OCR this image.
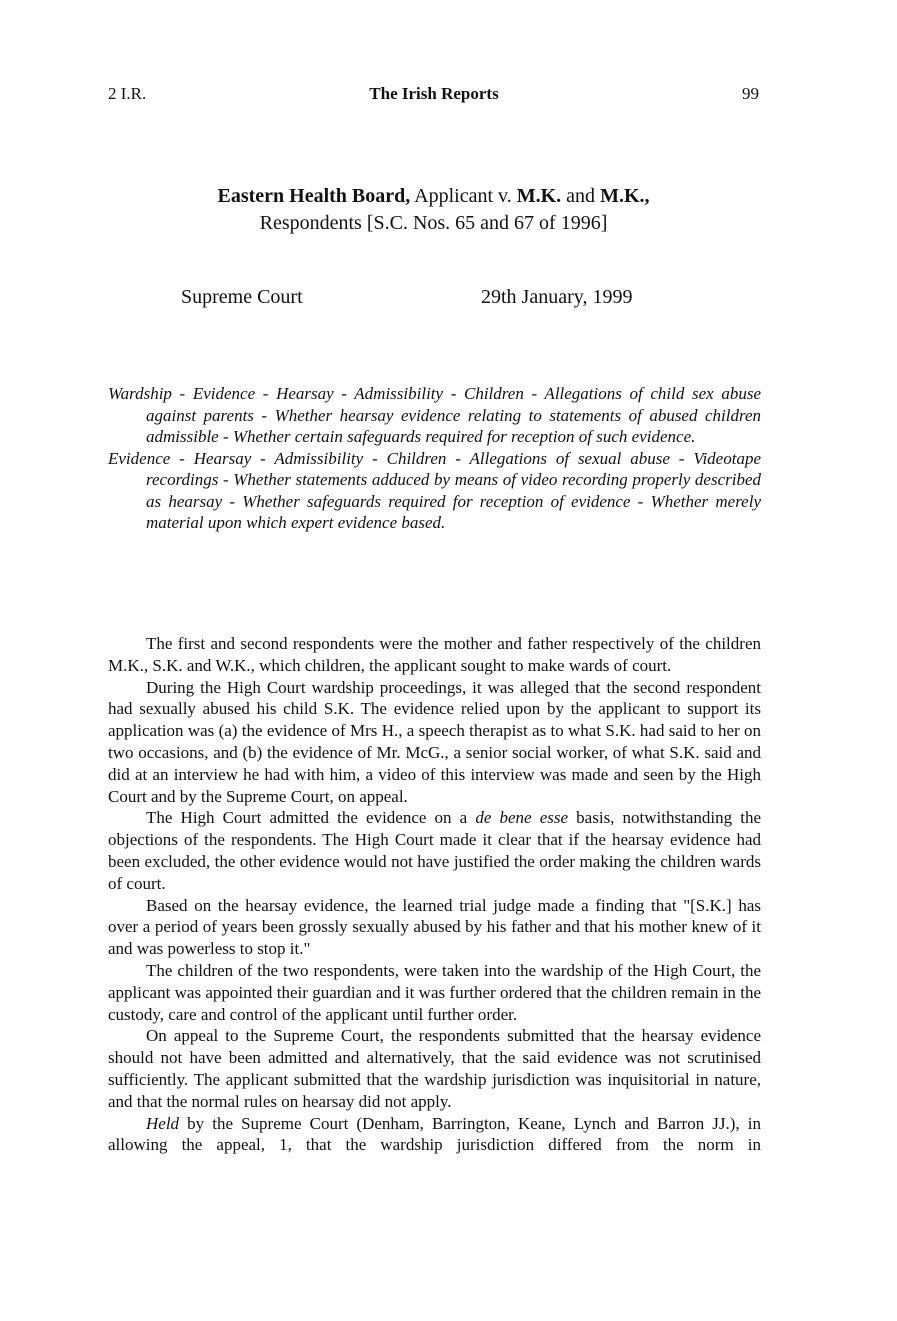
2 I.R.	The Irish Reports	99
Eastern Health Board, Applicant v. M.K. and M.K.,
Respondents [S.C. Nos. 65 and 67 of 1996]
Supreme Court	29th January, 1999

Wardship - Evidence - Hearsay - Admissibility - Children - Allegations of child sex abuse against parents - Whether hearsay evidence relating to statements of abused children admissible - Whether certain safeguards required for reception of such evidence.

Evidence - Hearsay - Admissibility - Children - Allegations of sexual abuse - Videotape recordings - Whether statements adduced by means of video recording properly described as hearsay - Whether safeguards required for reception of evidence - Whether merely material upon which expert evidence based.

The first and second respondents were the mother and father respectively of the children M.K., S.K. and W.K., which children, the applicant sought to make wards of court.

During the High Court wardship proceedings, it was alleged that the second respondent had sexually abused his child S.K. The evidence relied upon by the applicant to support its application was (a) the evidence of Mrs H., a speech therapist as to what S.K. had said to her on two occasions, and (b) the evidence of Mr. McG., a senior social worker, of what S.K. said and did at an interview he had with him, a video of this interview was made and seen by the High Court and by the Supreme Court, on appeal.

The High Court admitted the evidence on a de bene esse basis, notwithstanding the objections of the respondents. The High Court made it clear that if the hearsay evidence had been excluded, the other evidence would not have justified the order making the children wards of court.

Based on the hearsay evidence, the learned trial judge made a finding that "[S.K.] has over a period of years been grossly sexually abused by his father and that his mother knew of it and was powerless to stop it."

The children of the two respondents, were taken into the wardship of the High Court, the applicant was appointed their guardian and it was further ordered that the children remain in the custody, care and control of the applicant until further order.

On appeal to the Supreme Court, the respondents submitted that the hearsay evidence should not have been admitted and alternatively, that the said evidence was not scrutinised sufficiently. The applicant submitted that the wardship jurisdiction was inquisitorial in nature, and that the normal rules on hearsay did not apply.

Held by the Supreme Court (Denham, Barrington, Keane, Lynch and Barron JJ.), in allowing the appeal, 1, that the wardship jurisdiction differed from the norm in
